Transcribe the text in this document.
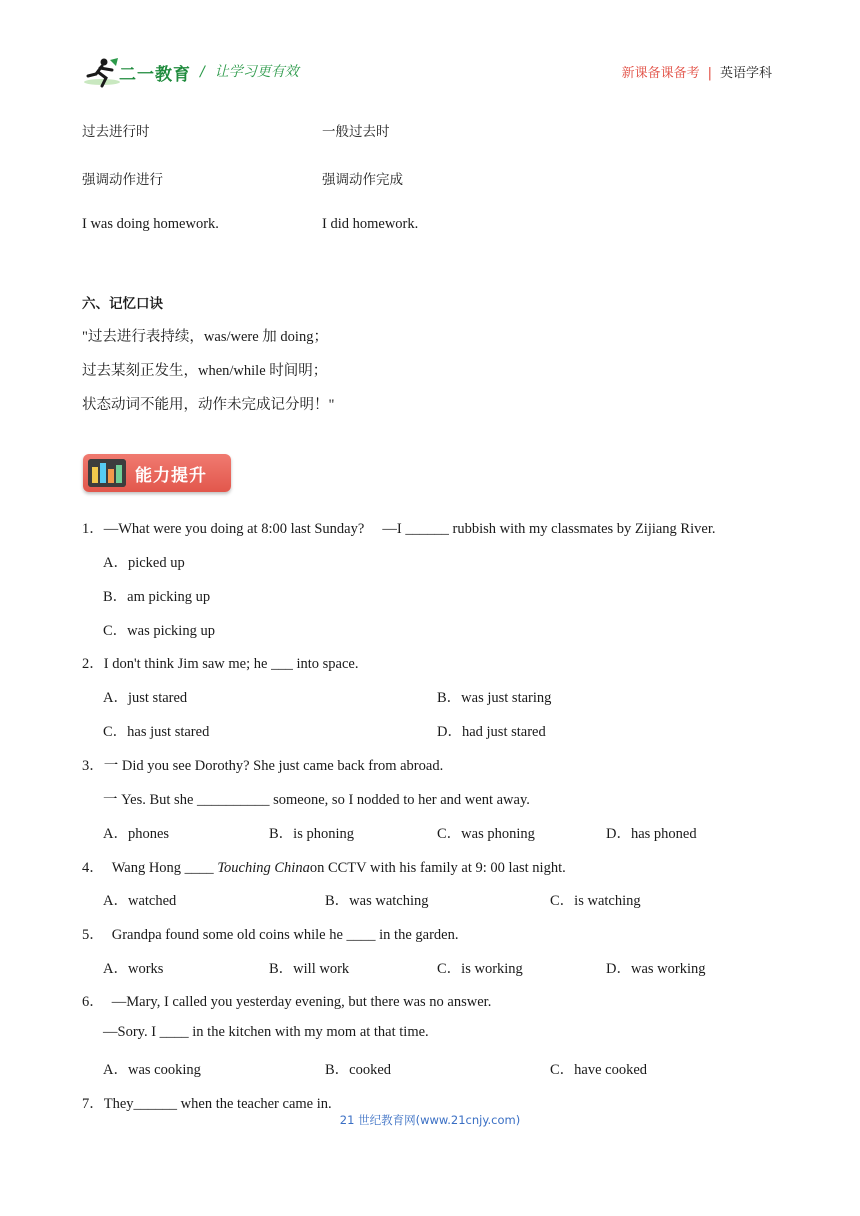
二一教育 / 让学习更有效	新课备课备考 | 英语学科
过去进行时	一般过去时
强调动作进行	强调动作完成
I was doing homework.	I did homework.
六、记忆口诀
"过去进行表持续，was/were 加 doing；
过去某刻正发生，when/while 时间明；
状态动词不能用，动作未完成记分明！"
能力提升
1．—What were you doing at 8:00 last Sunday?　 —I ______ rubbish with my classmates by Zijiang River.
A．picked up
B．am picking up
C．was picking up
2．I don't think Jim saw me; he ___ into space.
A．just stared	B．was just staring
C．has just stared	D．had just stared
3．一 Did you see Dorothy? She just came back from abroad.
一 Yes. But she __________ someone, so I nodded to her and went away.
A．phones	B．is phoning	C．was phoning	D．has phoned
4． Wang Hong ____ Touching Chinaon CCTV with his family at 9: 00 last night.
A．watched	B．was watching	C．is watching
5． Grandpa found some old coins while he ____ in the garden.
A．works	B．will work	C．is working	D．was working
6． —Mary, I called you yesterday evening, but there was no answer.
—Sory. I ____ in the kitchen with my mom at that time.
A．was cooking	B．cooked	C．have cooked
7．They______ when the teacher came in.
21 世纪教育网(www.21cnjy.com)
